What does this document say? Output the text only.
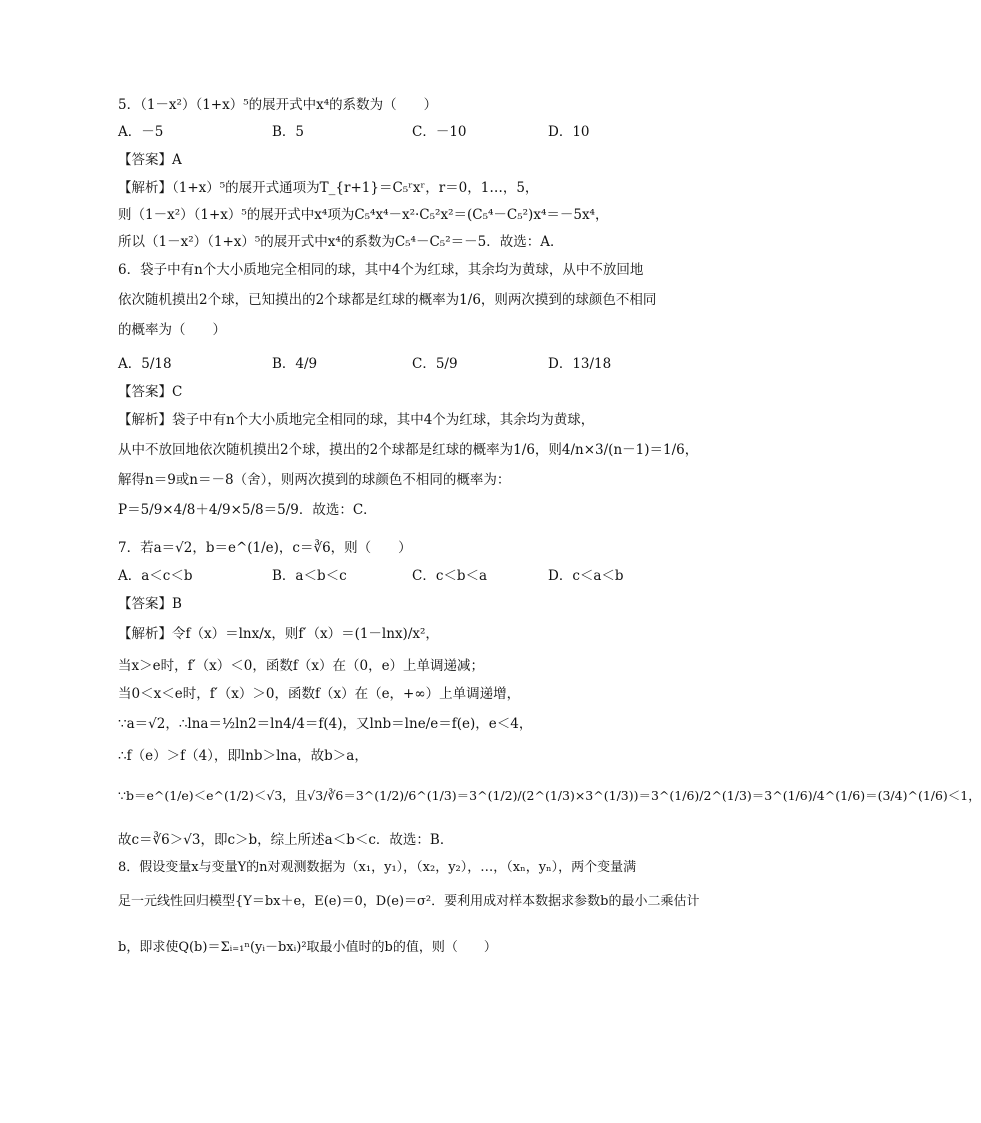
5．（1－x²）（1+x）⁵的展开式中x⁴的系数为（　　）
A．－5	B．5	C．－10	D．10
【答案】A
【解析】（1+x）⁵的展开式通项为T_{r+1}＝C₅ʳxʳ，r＝0，1…，5，
则（1－x²）（1+x）⁵的展开式中x⁴项为C₅⁴x⁴－x²·C₅²x²＝(C₅⁴－C₅²)x⁴＝－5x⁴，
所以（1－x²）（1+x）⁵的展开式中x⁴的系数为C₅⁴－C₅²＝－5．故选：A．
6．袋子中有n个大小质地完全相同的球，其中4个为红球，其余均为黄球，从中不放回地
依次随机摸出2个球，已知摸出的2个球都是红球的概率为1/6，则两次摸到的球颜色不相同
的概率为（　　）
A．5/18	B．4/9	C．5/9	D．13/18
【答案】C
【解析】袋子中有n个大小质地完全相同的球，其中4个为红球，其余均为黄球，
从中不放回地依次随机摸出2个球，摸出的2个球都是红球的概率为1/6，则4/n×3/(n－1)＝1/6，
解得n＝9或n＝－8（舍），则两次摸到的球颜色不相同的概率为：
P＝5/9×4/8＋4/9×5/8＝5/9．故选：C．
7．若a＝√2，b＝e^(1/e)，c＝∛6，则（　　）
A．a＜c＜b	B．a＜b＜c	C．c＜b＜a	D．c＜a＜b
【答案】B
【解析】令f（x）＝lnx/x，则f′（x）＝(1－lnx)/x²，
当x＞e时，f′（x）＜0，函数f（x）在（0，e）上单调递减；
当0＜x＜e时，f′（x）＞0，函数f（x）在（e，+∞）上单调递增，
∵a＝√2，∴lna＝½ln2＝ln4/4＝f(4)，又lnb＝lne/e＝f(e)，e＜4，
∴f（e）＞f（4），即lnb＞lna，故b＞a，
∵b＝e^(1/e)＜e^(1/2)＜√3，且√3/∛6＝3^(1/2)/6^(1/3)＝3^(1/2)/(2^(1/3)×3^(1/3))＝3^(1/6)/2^(1/3)＝3^(1/6)/4^(1/6)＝(3/4)^(1/6)＜1，
故c＝∛6＞√3，即c＞b，综上所述a＜b＜c．故选：B．
8．假设变量x与变量Y的n对观测数据为（x₁，y₁），（x₂，y₂），…，（xₙ，yₙ），两个变量满
足一元线性回归模型{Y＝bx＋e，E(e)＝0，D(e)＝σ²．要利用成对样本数据求参数b的最小二乘估计
b，即求使Q(b)＝Σᵢ₌₁ⁿ(yᵢ－bxᵢ)²取最小值时的b的值，则（　　）
